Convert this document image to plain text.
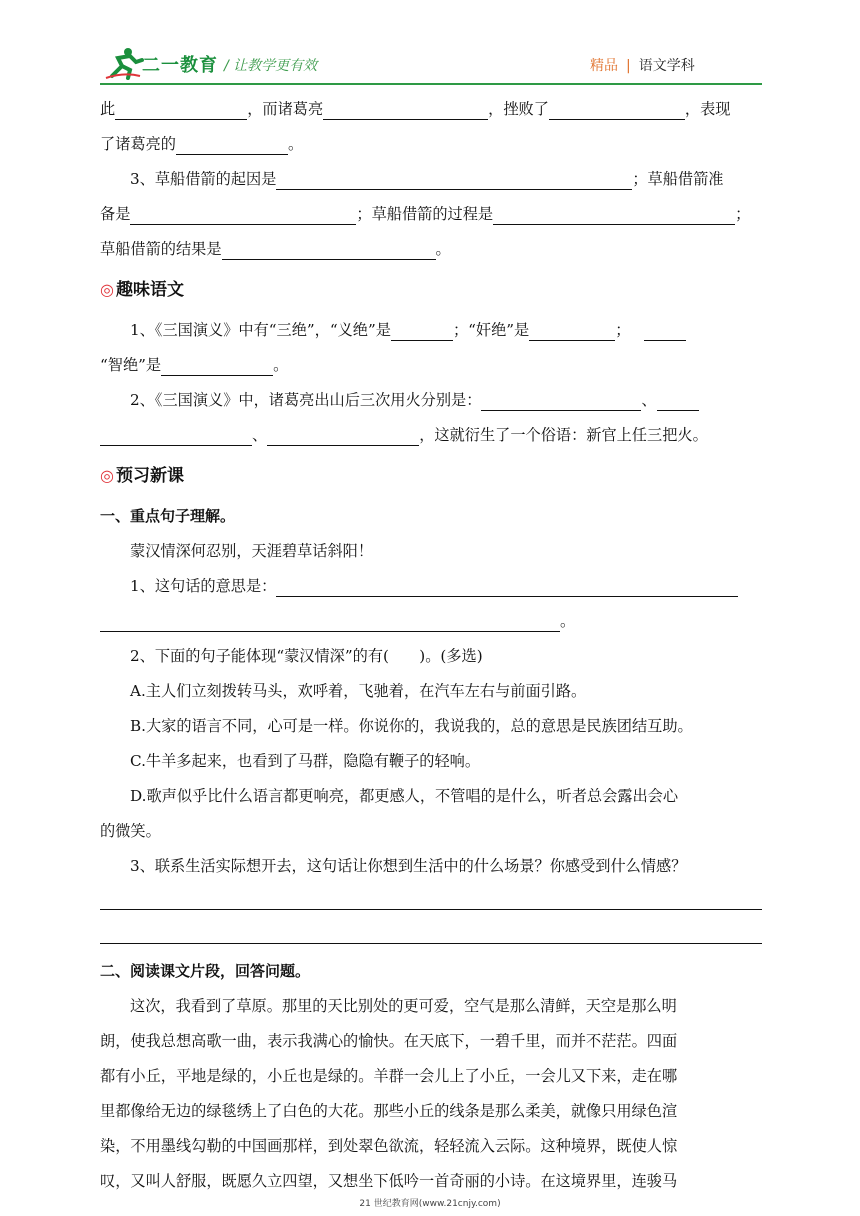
二一教育 / 让教学更有效	精品 | 语文学科
此	，而诸葛亮	，挫败了	，表现
了诸葛亮的	。
3、草船借箭的起因是	；草船借箭准
备是	；草船借箭的过程是	；
草船借箭的结果是	。
◎ 趣味语文
1、《三国演义》中有“三绝”，“义绝”是	；“奸绝”是	；
“智绝”是	。
2、《三国演义》中，诸葛亮出山后三次用火分别是：	、
、	，这就衍生了一个俗语：新官上任三把火。
◎ 预习新课
一、重点句子理解。
蒙汉情深何忍别，天涯碧草话斜阳！
1、这句话的意思是：
。
2、下面的句子能体现“蒙汉情深”的有(　　)。(多选)
A.主人们立刻拨转马头，欢呼着，飞驰着，在汽车左右与前面引路。
B.大家的语言不同，心可是一样。你说你的，我说我的，总的意思是民族团结互助。
C.牛羊多起来，也看到了马群，隐隐有鞭子的轻响。
D.歌声似乎比什么语言都更响亮，都更感人，不管唱的是什么，听者总会露出会心
的微笑。
3、联系生活实际想开去，这句话让你想到生活中的什么场景？你感受到什么情感？
二、阅读课文片段，回答问题。
这次，我看到了草原。那里的天比别处的更可爱，空气是那么清鲜，天空是那么明
朗，使我总想高歌一曲，表示我满心的愉快。在天底下，一碧千里，而并不茫茫。四面
都有小丘，平地是绿的，小丘也是绿的。羊群一会儿上了小丘，一会儿又下来，走在哪
里都像给无边的绿毯绣上了白色的大花。那些小丘的线条是那么柔美，就像只用绿色渲
染，不用墨线勾勒的中国画那样，到处翠色欲流，轻轻流入云际。这种境界，既使人惊
叹，又叫人舒服，既愿久立四望，又想坐下低吟一首奇丽的小诗。在这境界里，连骏马
21 世纪教育网(www.21cnjy.com)
